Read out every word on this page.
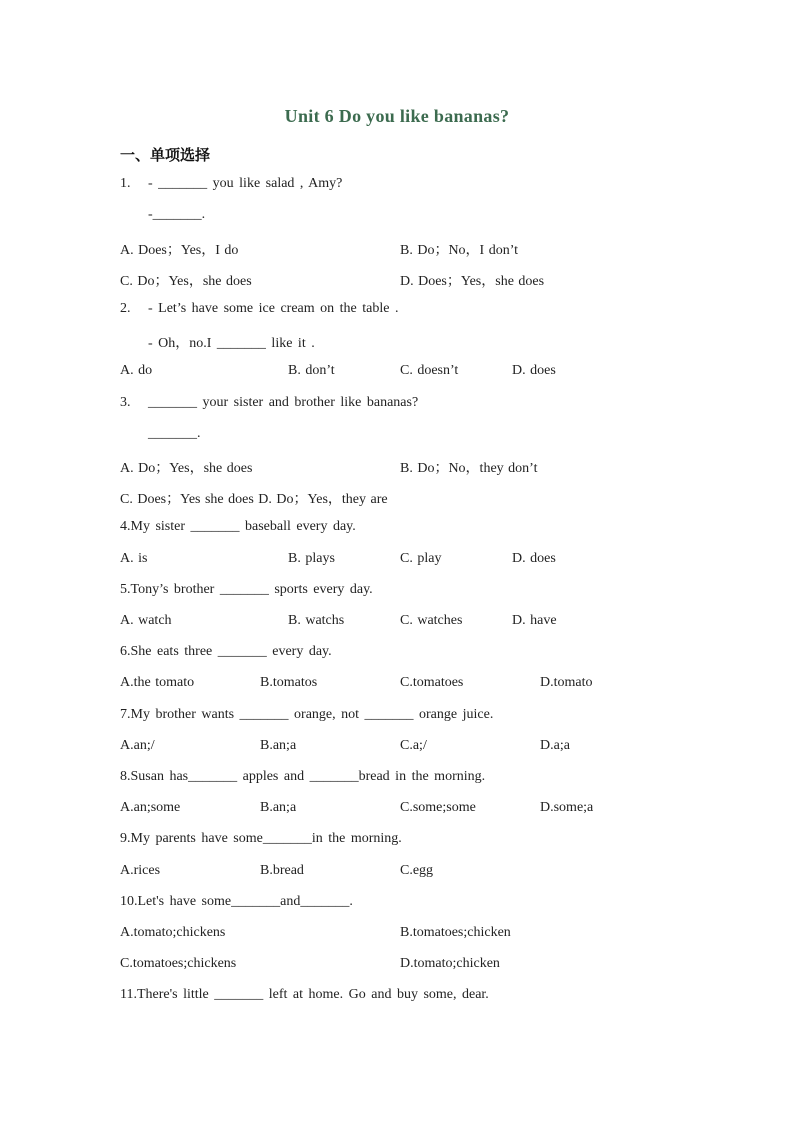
Unit 6 Do you like bananas?
一、单项选择
1. - _______ you like salad , Amy?
-_______.
A. Does；Yes，I do	B. Do；No，I don’t
C. Do；Yes，she does	D. Does；Yes，she does
2. - Let’s have some ice cream on the table .
- Oh，no.I _______ like it .
A. do	B. don’t	C. doesn’t	D. does
3. _______ your sister and brother like bananas?
_______.
A. Do；Yes，she does	B. Do；No，they don’t
C. Does；Yes she does D. Do；Yes，they are
4.My sister _______ baseball every day.
A. is	B. plays	C. play	D. does
5.Tony’s brother _______ sports every day.
A. watch	B. watchs	C. watches	D. have
6.She eats three _______ every day.
A.the tomato	B.tomatos	C.tomatoes	D.tomato
7.My brother wants _______ orange, not _______ orange juice.
A.an;/	B.an;a	C.a;/	D.a;a
8.Susan has_______ apples and _______bread in the morning.
A.an;some	B.an;a	C.some;some	D.some;a
9.My parents have some_______in the morning.
A.rices	B.bread	C.egg
10.Let's have some_______and_______.
A.tomato;chickens	B.tomatoes;chicken
C.tomatoes;chickens	D.tomato;chicken
11.There's little _______ left at home. Go and buy some, dear.
